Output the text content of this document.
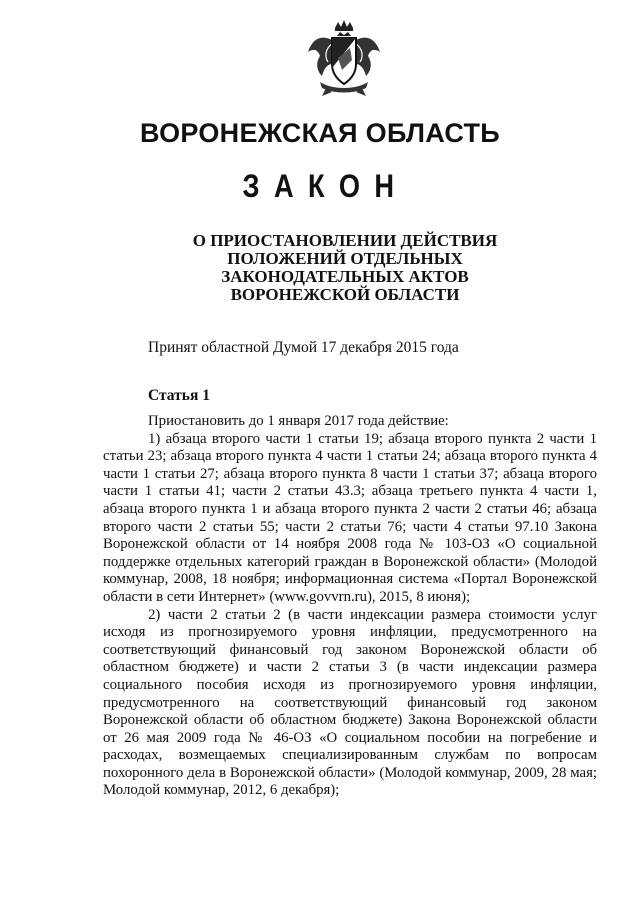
ВОРОНЕЖСКАЯ ОБЛАСТЬ
З А К О Н
О ПРИОСТАНОВЛЕНИИ ДЕЙСТВИЯ
ПОЛОЖЕНИЙ ОТДЕЛЬНЫХ
ЗАКОНОДАТЕЛЬНЫХ АКТОВ
ВОРОНЕЖСКОЙ ОБЛАСТИ
Принят областной Думой 17 декабря 2015 года
Статья 1

Приостановить до 1 января 2017 года действие:

1) абзаца второго части 1 статьи 19; абзаца второго пункта 2 части 1 статьи 23; абзаца второго пункта 4 части 1 статьи 24; абзаца второго пункта 4 части 1 статьи 27; абзаца второго пункта 8 части 1 статьи 37; абзаца второго части 1 статьи 41; части 2 статьи 43.3; абзаца третьего пункта 4 части 1, абзаца второго пункта 1 и абзаца второго пункта 2 части 2 статьи 46; абзаца второго части 2 статьи 55; части 2 статьи 76; части 4 статьи 97.10 Закона Воронежской области от 14 ноября 2008 года № 103-ОЗ «О социальной поддержке отдельных категорий граждан в Воронежской области» (Молодой коммунар, 2008, 18 ноября; информационная система «Портал Воронежской области в сети Интернет» (www.govvrn.ru), 2015, 8 июня);

2) части 2 статьи 2 (в части индексации размера стоимости услуг исходя из прогнозируемого уровня инфляции, предусмотренного на соответствующий финансовый год законом Воронежской области об областном бюджете) и части 2 статьи 3 (в части индексации размера социального пособия исходя из прогнозируемого уровня инфляции, предусмотренного на соответствующий финансовый год законом Воронежской области об областном бюджете) Закона Воронежской области от 26 мая 2009 года № 46-ОЗ «О социальном пособии на погребение и расходах, возмещаемых специализированным службам по вопросам похоронного дела в Воронежской области» (Молодой коммунар, 2009, 28 мая; Молодой коммунар, 2012, 6 декабря);
